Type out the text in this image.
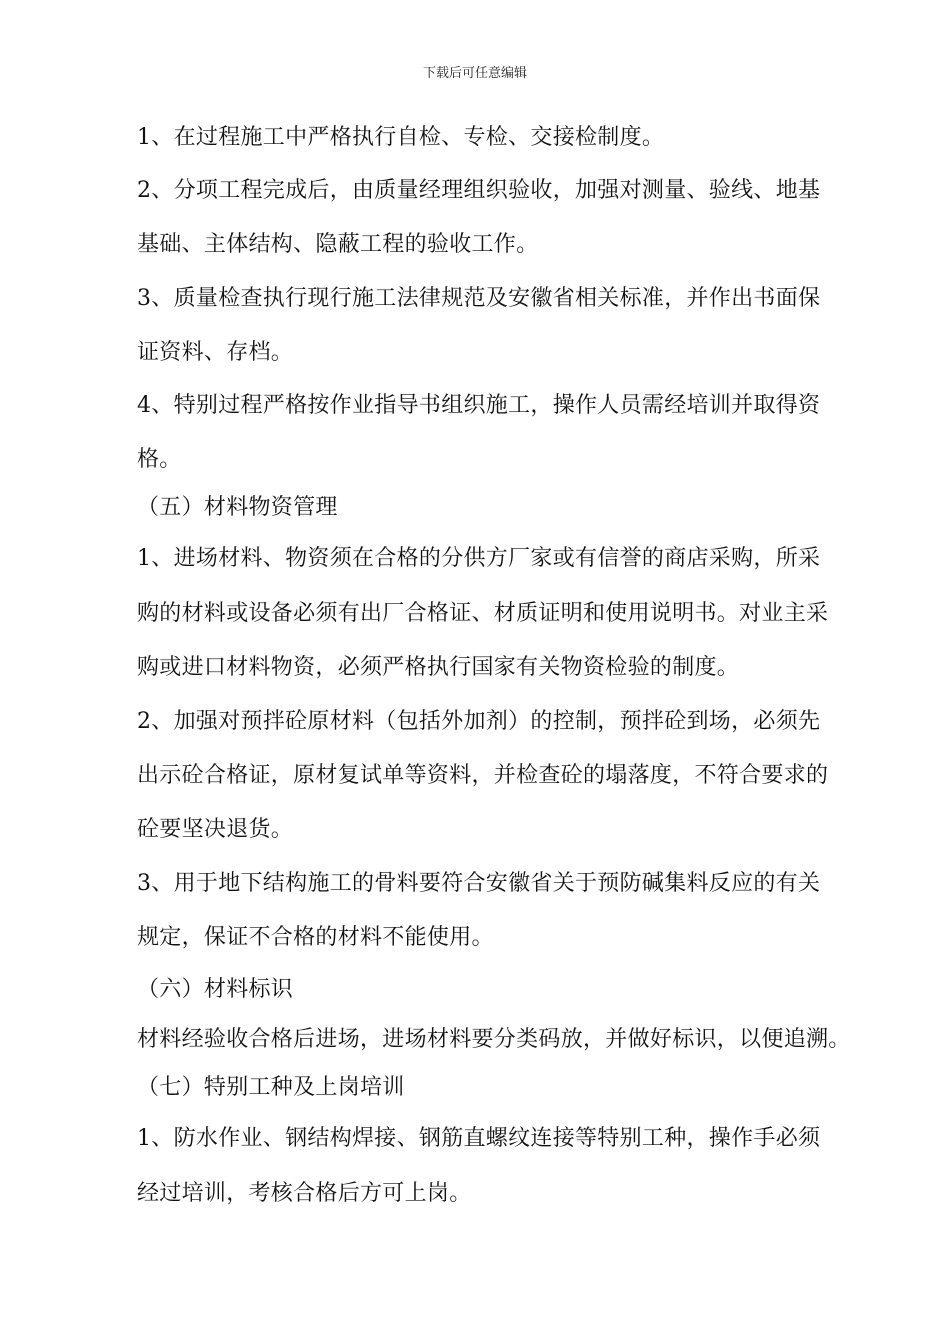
下载后可任意编辑
1、在过程施工中严格执行自检、专检、交接检制度。
2、分项工程完成后，由质量经理组织验收，加强对测量、验线、地基
基础、主体结构、隐蔽工程的验收工作。
3、质量检查执行现行施工法律规范及安徽省相关标准，并作出书面保
证资料、存档。
4、特别过程严格按作业指导书组织施工，操作人员需经培训并取得资
格。
（五）材料物资管理
1、进场材料、物资须在合格的分供方厂家或有信誉的商店采购，所采
购的材料或设备必须有出厂合格证、材质证明和使用说明书。对业主采
购或进口材料物资，必须严格执行国家有关物资检验的制度。
2、加强对预拌砼原材料（包括外加剂）的控制，预拌砼到场，必须先
出示砼合格证，原材复试单等资料，并检查砼的塌落度，不符合要求的
砼要坚决退货。
3、用于地下结构施工的骨料要符合安徽省关于预防碱集料反应的有关
规定，保证不合格的材料不能使用。
（六）材料标识
材料经验收合格后进场，进场材料要分类码放，并做好标识，以便追溯。
（七）特别工种及上岗培训
1、防水作业、钢结构焊接、钢筋直螺纹连接等特别工种，操作手必须
经过培训，考核合格后方可上岗。
